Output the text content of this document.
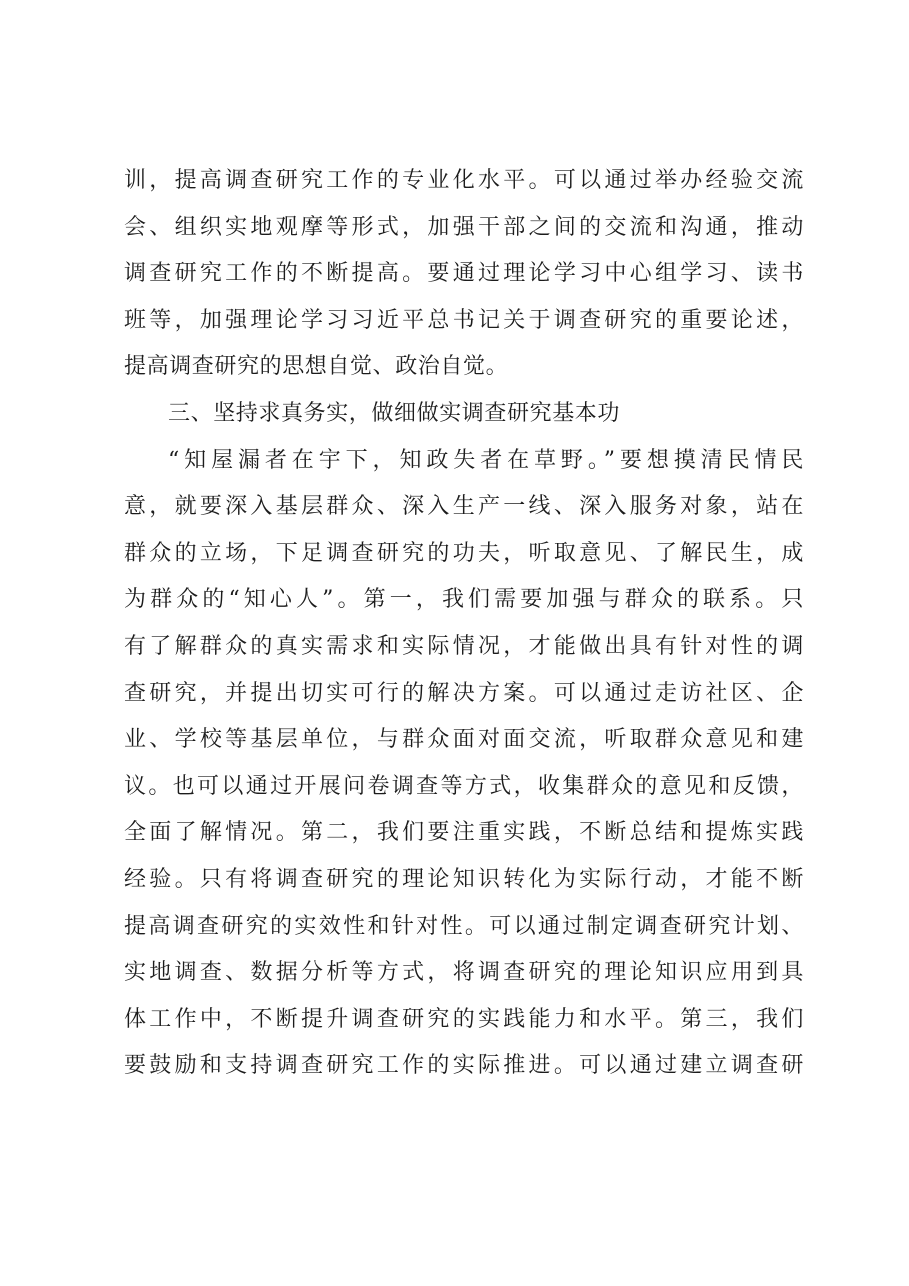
训，提高调查研究工作的专业化水平。可以通过举办经验交流
会、组织实地观摩等形式，加强干部之间的交流和沟通，推动
调查研究工作的不断提高。要通过理论学习中心组学习、读书
班等，加强理论学习习近平总书记关于调查研究的重要论述，
提高调查研究的思想自觉、政治自觉。
三、坚持求真务实，做细做实调查研究基本功
“知屋漏者在宇下，知政失者在草野。”要想摸清民情民
意，就要深入基层群众、深入生产一线、深入服务对象，站在
群众的立场，下足调查研究的功夫，听取意见、了解民生，成
为群众的“知心人”。第一，我们需要加强与群众的联系。只
有了解群众的真实需求和实际情况，才能做出具有针对性的调
查研究，并提出切实可行的解决方案。可以通过走访社区、企
业、学校等基层单位，与群众面对面交流，听取群众意见和建
议。也可以通过开展问卷调查等方式，收集群众的意见和反馈，
全面了解情况。第二，我们要注重实践，不断总结和提炼实践
经验。只有将调查研究的理论知识转化为实际行动，才能不断
提高调查研究的实效性和针对性。可以通过制定调查研究计划、
实地调查、数据分析等方式，将调查研究的理论知识应用到具
体工作中，不断提升调查研究的实践能力和水平。第三，我们
要鼓励和支持调查研究工作的实际推进。可以通过建立调查研
